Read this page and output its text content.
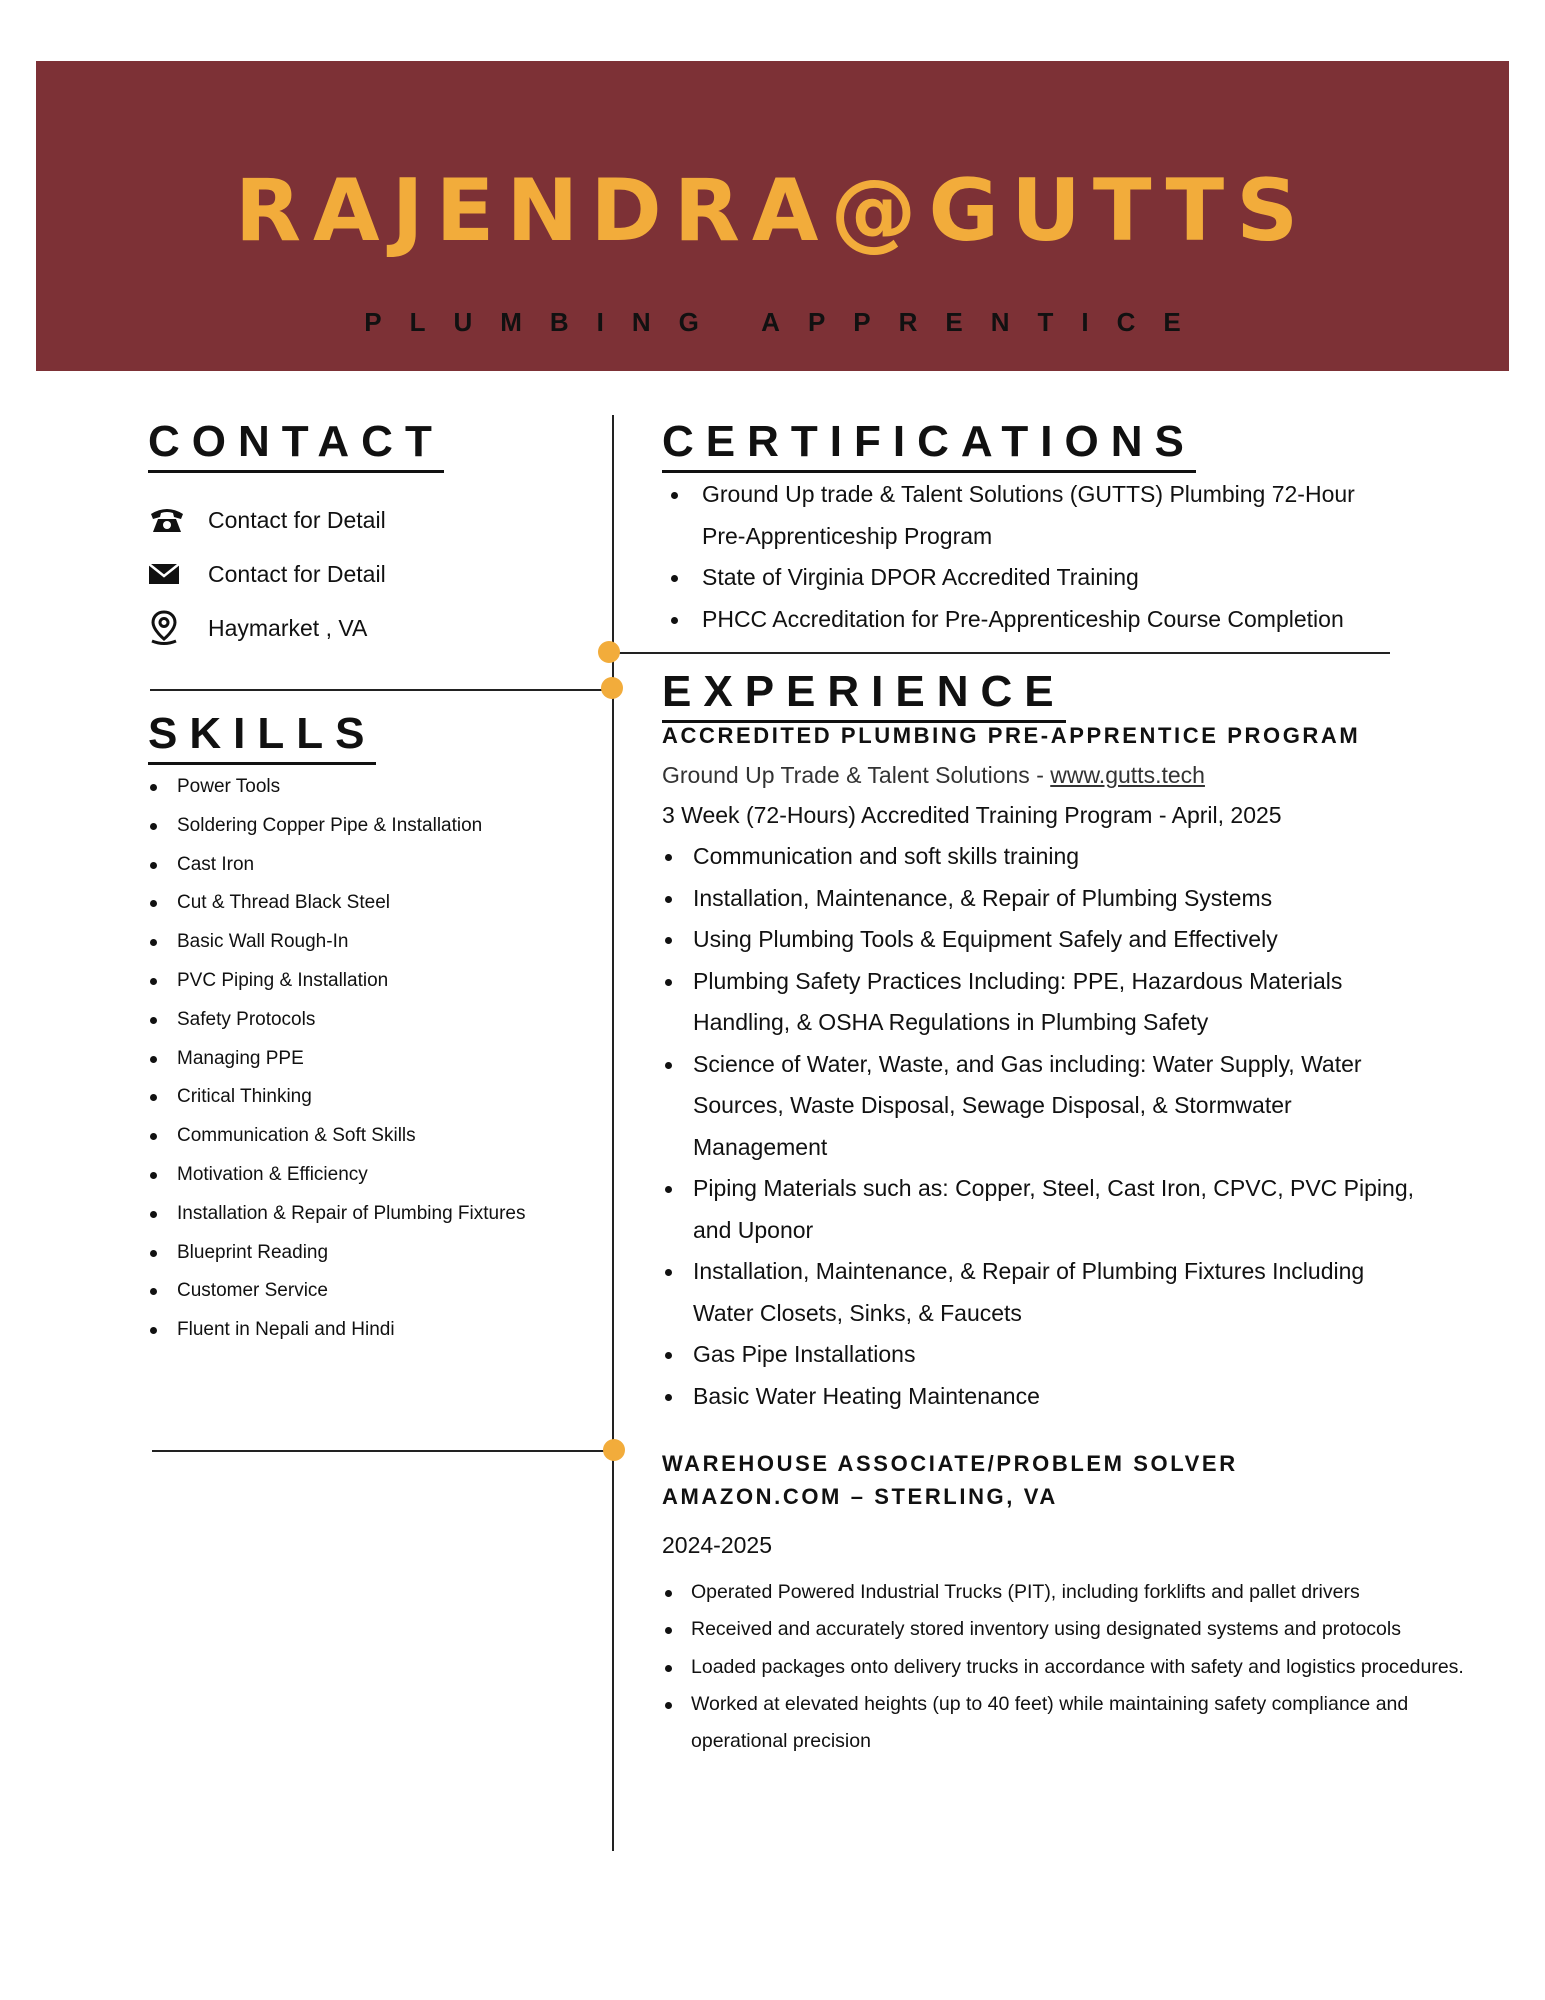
RAJENDRA@GUTTS
PLUMBING APPRENTICE
CONTACT
Contact for Detail
Contact for Detail
Haymarket , VA
SKILLS
Power Tools
Soldering Copper Pipe & Installation
Cast Iron
Cut & Thread Black Steel
Basic Wall Rough-In
PVC Piping & Installation
Safety Protocols
Managing PPE
Critical Thinking
Communication & Soft Skills
Motivation & Efficiency
Installation & Repair of Plumbing Fixtures
Blueprint Reading
Customer Service
Fluent in Nepali and Hindi
CERTIFICATIONS
Ground Up trade & Talent Solutions (GUTTS) Plumbing 72-Hour Pre-Apprenticeship Program
State of Virginia DPOR Accredited Training
PHCC Accreditation for Pre-Apprenticeship Course Completion
EXPERIENCE
ACCREDITED PLUMBING PRE-APPRENTICE PROGRAM
Ground Up Trade & Talent Solutions - www.gutts.tech
3 Week (72-Hours) Accredited Training Program - April, 2025
Communication and soft skills training
Installation, Maintenance, & Repair of Plumbing Systems
Using Plumbing Tools & Equipment Safely and Effectively
Plumbing Safety Practices Including: PPE, Hazardous Materials Handling, & OSHA Regulations in Plumbing Safety
Science of Water, Waste, and Gas including: Water Supply, Water Sources, Waste Disposal, Sewage Disposal, & Stormwater Management
Piping Materials such as: Copper, Steel, Cast Iron, CPVC, PVC Piping, and Uponor
Installation, Maintenance, & Repair of Plumbing Fixtures Including Water Closets, Sinks, & Faucets
Gas Pipe Installations
Basic Water Heating Maintenance
WAREHOUSE ASSOCIATE/PROBLEM SOLVER
AMAZON.COM – STERLING, VA
2024-2025
Operated Powered Industrial Trucks (PIT), including forklifts and pallet drivers
Received and accurately stored inventory using designated systems and protocols
Loaded packages onto delivery trucks in accordance with safety and logistics procedures.
Worked at elevated heights (up to 40 feet) while maintaining safety compliance and operational precision
